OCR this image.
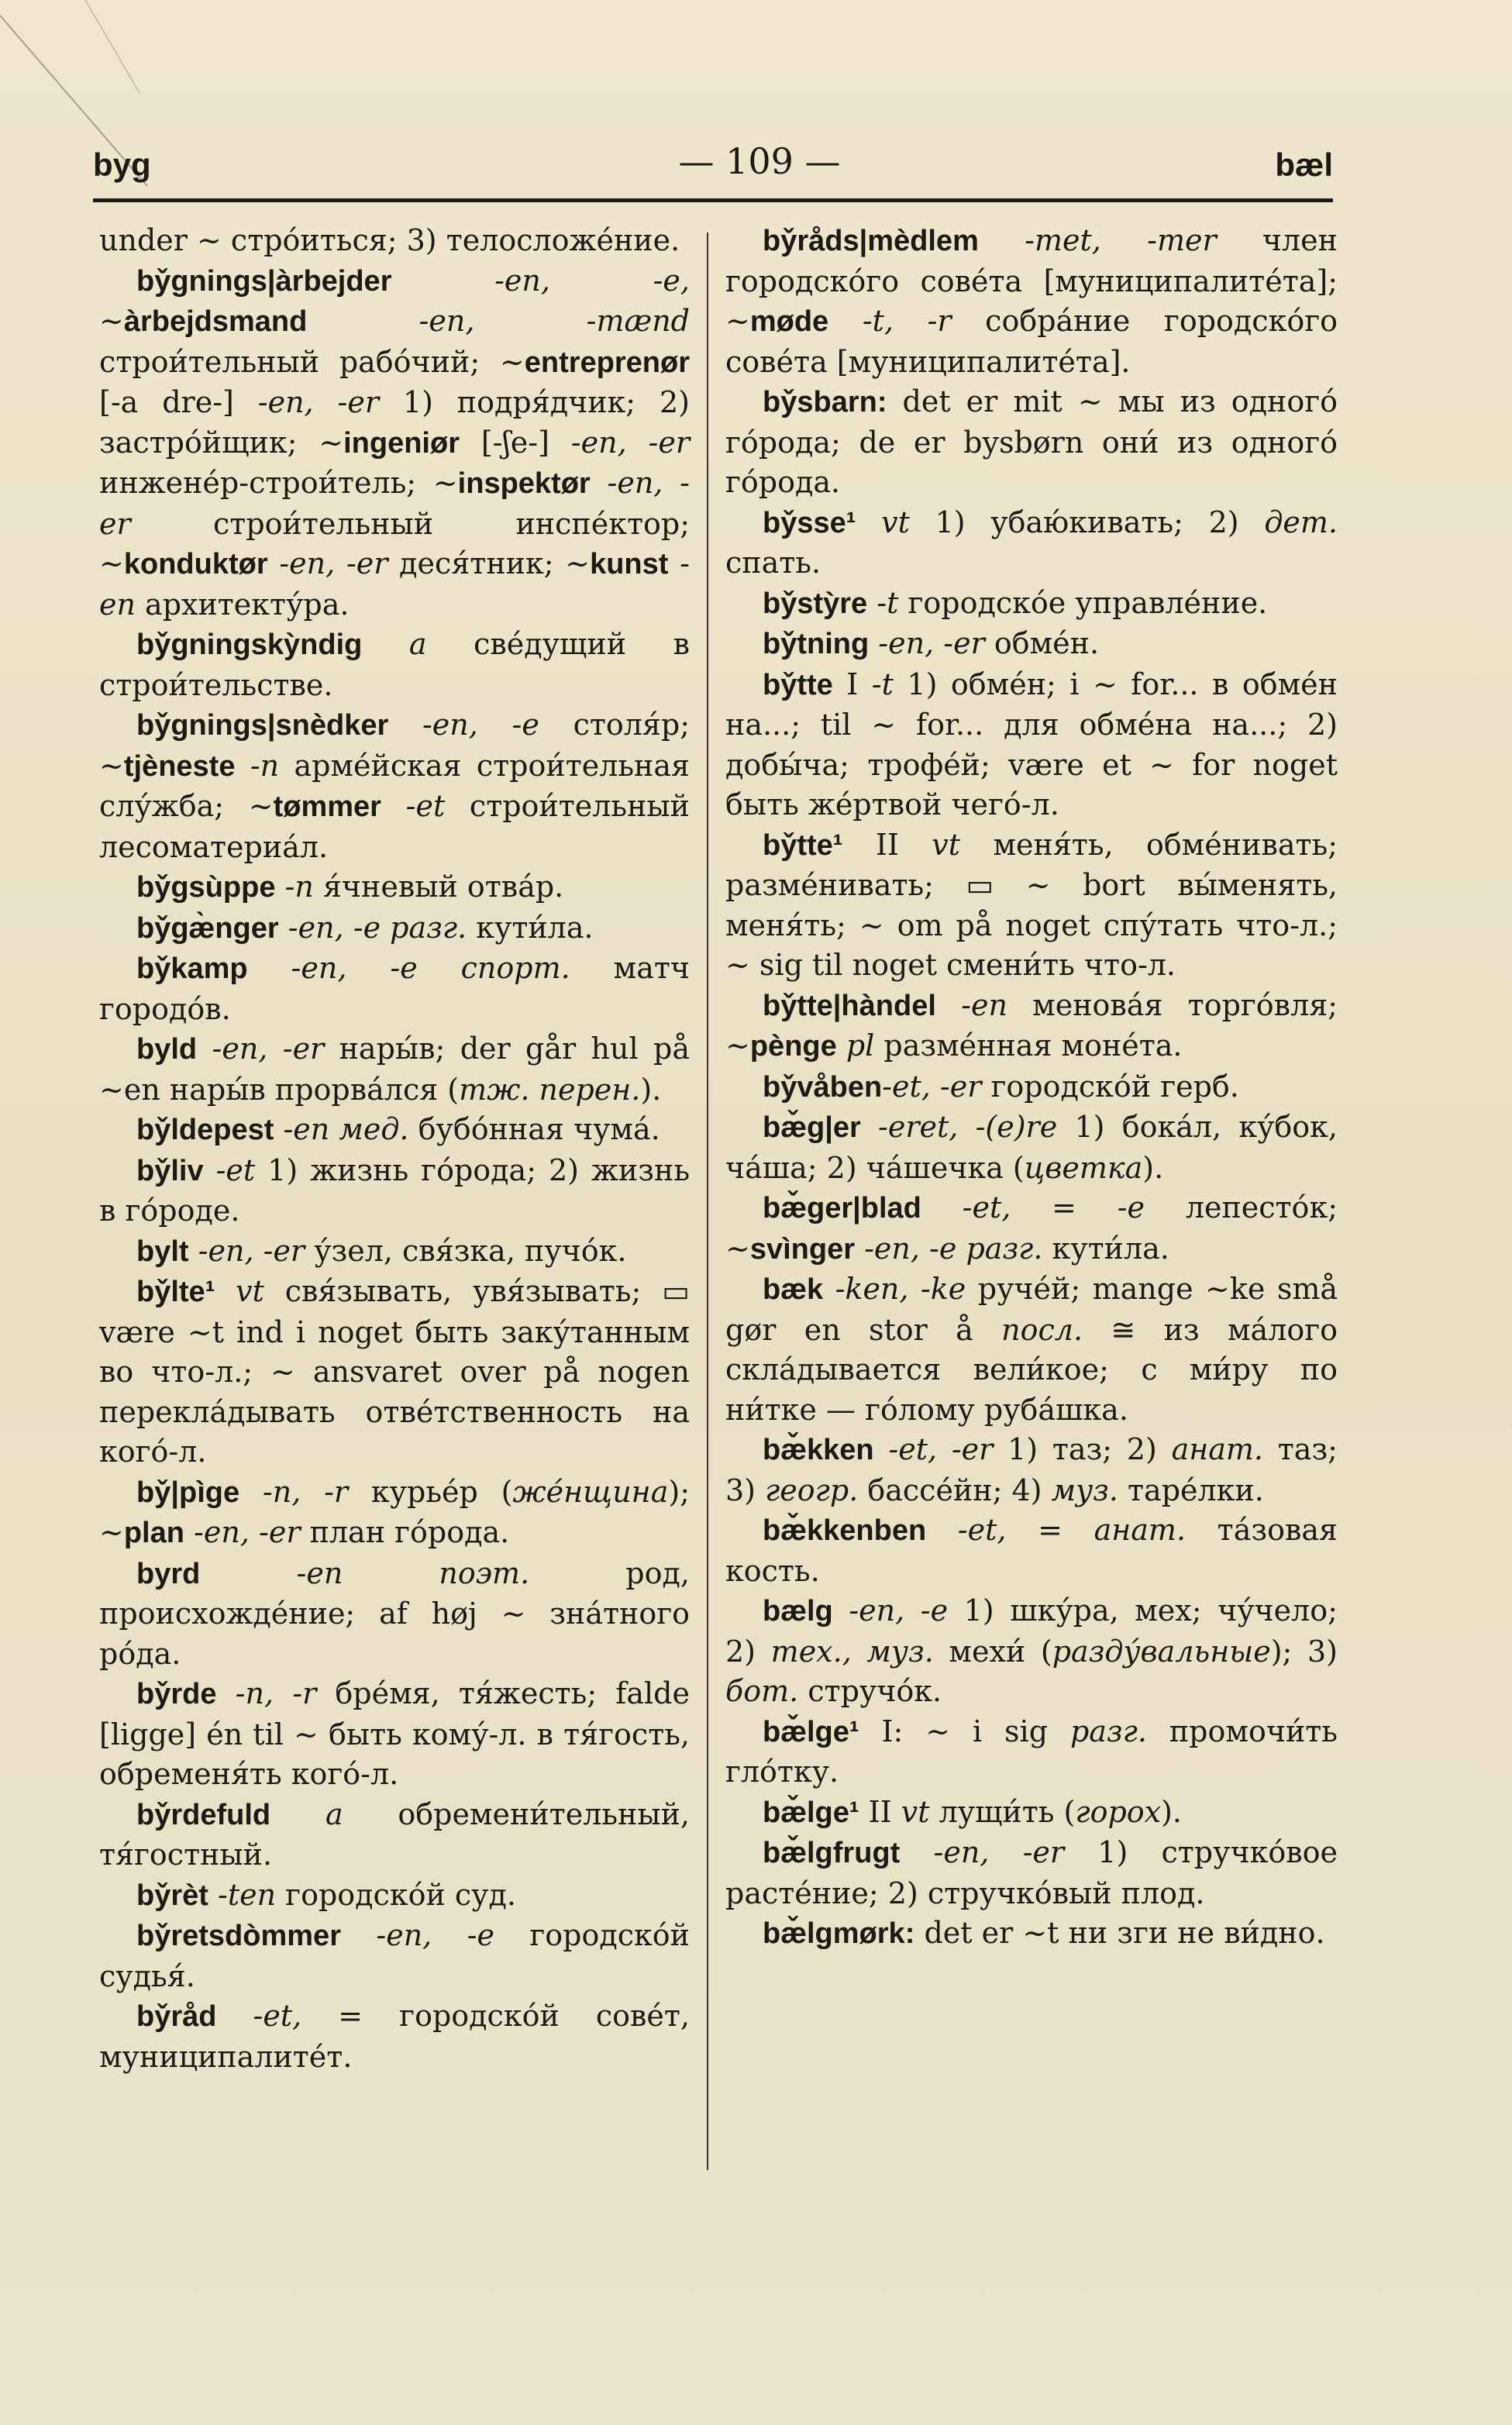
byg	— 109 —	bæl

under ~ стро́иться; 3) телосложе́ние.

by̌gnings|àrbejder -en, -e, ~àrbejdsmand -en, -mænd строи́тельный рабо́чий; ~entreprenør [-a dre-] -en, -er 1) подря́дчик; 2) застро́йщик; ~ingeniør [-ʃe-] -en, -er инжене́р-строи́тель; ~inspektør -en, -er строи́тельный инспе́ктор; ~konduktør -en, -er деся́тник; ~kunst -en архитекту́ра.

by̌gningskỳndig a све́дущий в строи́тельстве.

by̌gnings|snèdker -en, -e столя́р; ~tjèneste -n арме́йская строи́тельная слу́жба; ~tømmer -et строи́тельный лесоматериа́л.

by̌gsùppe -n я́чневый отва́р.

by̌gæ̀nger -en, -e разг. кути́ла.

by̌kamp -en, -e спорт. матч городо́в.

byld -en, -er нары́в; der går hul på ~en нары́в прорва́лся (тж. перен.).

by̌ldepest -en мед. бубо́нная чума́.

by̌liv -et 1) жизнь го́рода; 2) жизнь в го́роде.

bylt -en, -er у́зел, свя́зка, пучо́к.

by̌lte¹ vt свя́зывать, увя́зывать; ▭ være ~t ind i noget быть заку́танным во что-л.; ~ ansvaret over på nogen перекла́дывать отве́тственность на кого́-л.

by̌|pìge -n, -r курье́р (же́нщина); ~plan -en, -er план го́рода.

byrd -en поэт. род, происхожде́ние; af høj ~ зна́тного ро́да.

by̌rde -n, -r бре́мя, тя́жесть; falde [ligge] én til ~ быть кому́-л. в тя́гость, обременя́ть кого́-л.

by̌rdefuld a обремени́тельный, тя́гостный.

by̌rèt -ten городско́й суд.

by̌retsdòmmer -en, -e городско́й судья́.

by̌råd -et, = городско́й сове́т, муниципалите́т.

by̌råds|mèdlem -met, -mer член городско́го сове́та [муниципалите́та]; ~møde -t, -r собра́ние городско́го сове́та [муниципалите́та].

by̌sbarn: det er mit ~ мы из одного́ го́рода; de er bysbørn они́ из одного́ го́рода.

by̌sse¹ vt 1) убаю́кивать; 2) дет. спать.

by̌stỳre -t городско́е управле́ние.

by̌tning -en, -er обме́н.

by̌tte I -t 1) обме́н; i ~ for... в обме́н на...; til ~ for... для обме́на на...; 2) добы́ча; трофе́й; være et ~ for noget быть же́ртвой чего́-л.

by̌tte¹ II vt меня́ть, обме́нивать; разме́нивать; ▭ ~ bort вы́менять, меня́ть; ~ om på noget спу́тать что-л.; ~ sig til noget смени́ть что-л.

by̌tte|hàndel -en менова́я торго́вля; ~pènge pl разме́нная моне́та.

by̌våben-et, -er городско́й герб.

bæ̌g|er -eret, -(e)re 1) бока́л, ку́бок, ча́ша; 2) ча́шечка (цветка).

bæ̌ger|blad -et, = -e лепесто́к; ~svìnger -en, -e разг. кути́ла.

bæk -ken, -ke руче́й; mange ~ke små gør en stor å посл. ≅ из ма́лого скла́дывается вели́кое; с ми́ру по ни́тке — го́лому руба́шка.

bæ̌kken -et, -er 1) таз; 2) анат. таз; 3) геогр. бассе́йн; 4) муз. таре́лки.

bæ̌kkenben -et, = анат. та́зовая кость.

bælg -en, -e 1) шку́ра, мех; чу́чело; 2) тех., муз. мехи́ (разду́вальные); 3) бот. стручо́к.

bæ̌lge¹ I: ~ i sig разг. промочи́ть гло́тку.

bæ̌lge¹ II vt лущи́ть (горох).

bæ̌lgfrugt -en, -er 1) стручко́вое расте́ние; 2) стручко́вый плод.

bæ̌lgmørk: det er ~t ни зги не ви́дно.
